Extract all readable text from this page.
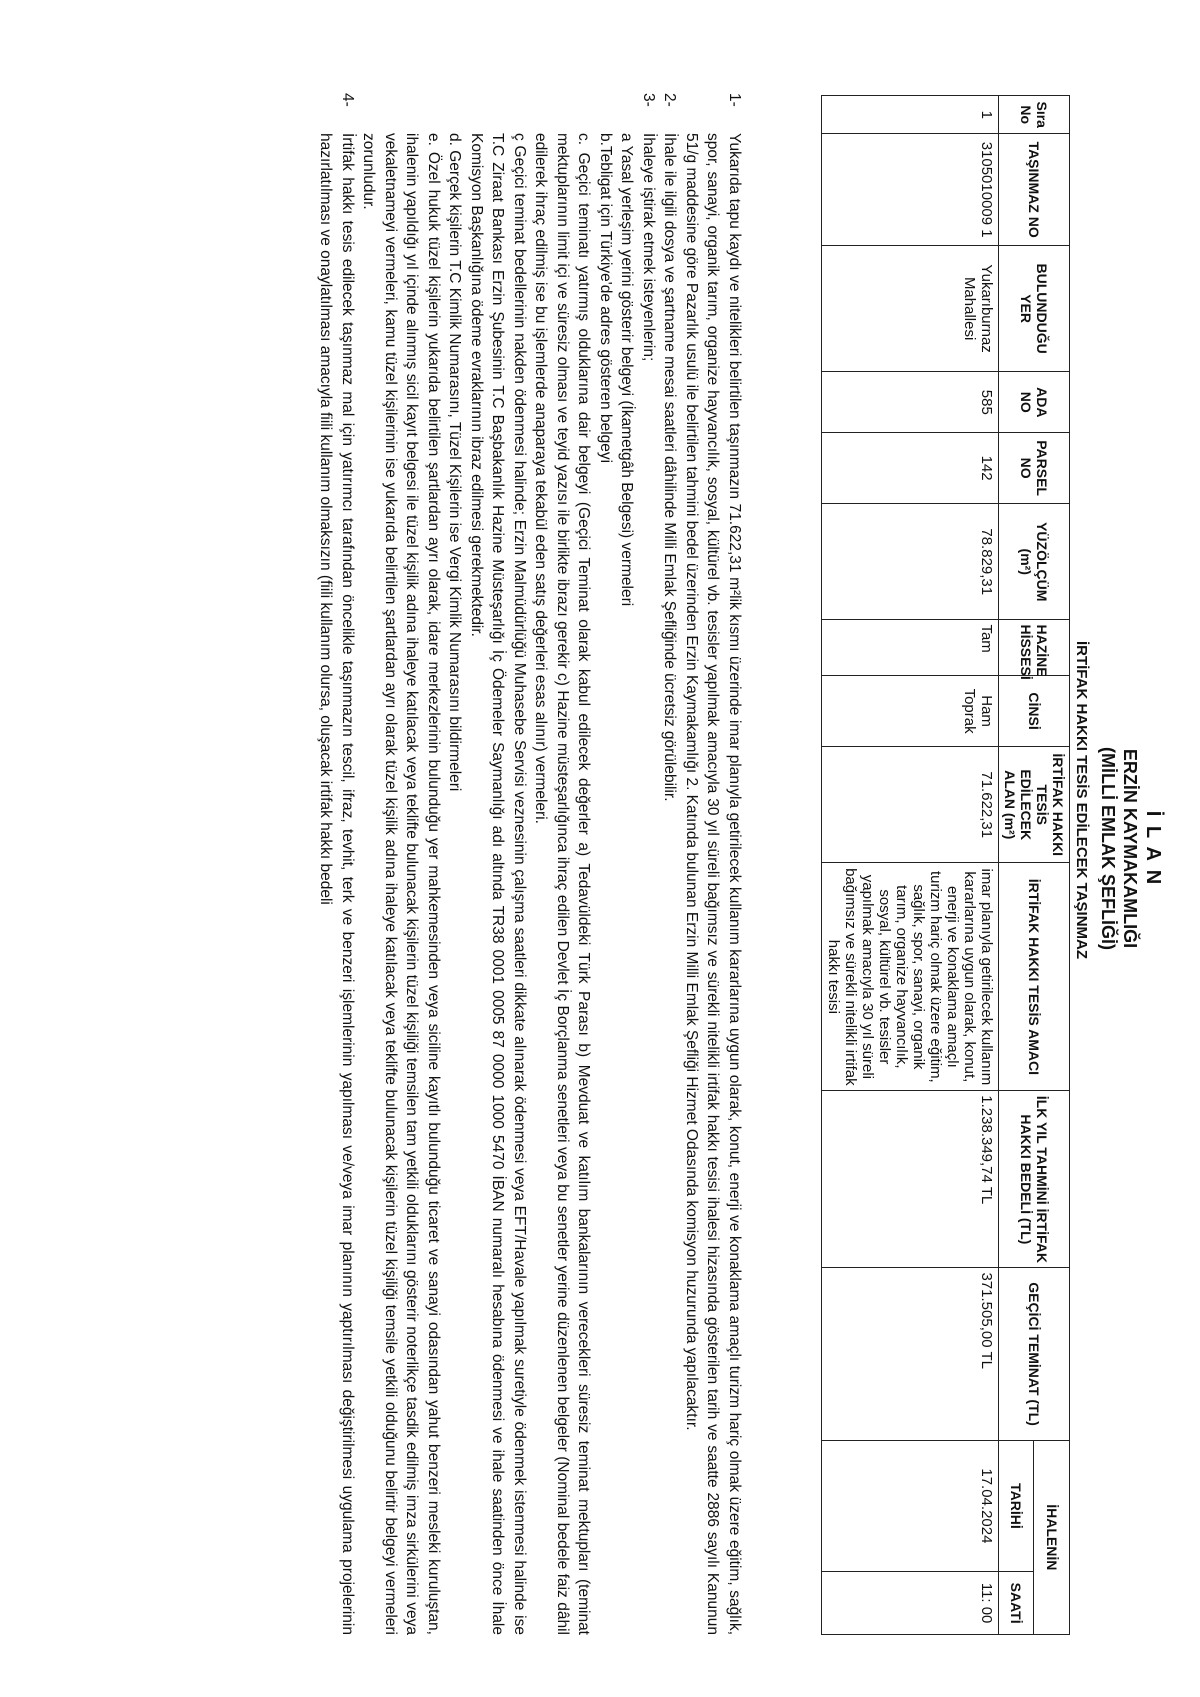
İ L A N
ERZİN KAYMAKAMLIĞI
(MİLLİ EMLAK ŞEFLİĞİ)
İRTİFAK HAKKI TESİS EDİLECEK TAŞINMAZ
Sıra No	TAŞINMAZ NO	BULUNDUĞU YER	ADA NO	PARSEL NO	YÜZÖLÇÜM (m²)	HAZİNE HİSSESİ	CİNSİ	İRTİFAK HAKKI TESİS EDİLECEK ALAN (m²)	İRTİFAK HAKKI TESİS AMACI	İLK YIL TAHMİNİ İRTİFAK HAKKI BEDELİ (TL)	GEÇİCİ TEMİNAT (TL)	İHALENİN	
												TARİHİ	SAATİ
1	3105010009 1	Yukarıburnaz Mahallesi	585	142	78.829,31	Tam	Ham Toprak	71.622,31	imar planıyla getirilecek kullanım kararlarına uygun olarak, konut, enerji ve konaklama amaçlı turizm hariç olmak üzere eğitim, sağlık, spor, sanayi, organik tarım, organize hayvancılık, sosyal, kültürel vb. tesisler yapılmak amacıyla 30 yıl süreli bağımsız ve sürekli nitelikli irtifak hakkı tesisi	1.238.349,74 TL	371.505,00 TL	17.04.2024	11: 00
1-
Yukarıda tapu kaydı ve nitelikleri belirtilen taşınmazın 71.622,31 m²lik kısmı üzerinde imar planıyla getirilecek kullanım kararlarına uygun olarak, konut, enerji ve konaklama amaçlı turizm hariç olmak üzere eğitim, sağlık, spor, sanayi, organik tarım, organize hayvancılık, sosyal, kültürel vb. tesisler yapılmak amacıyla 30 yıl süreli bağımsız ve sürekli nitelikli irtifak hakkı tesisi ihalesi hizasında gösterilen tarih ve saatte 2886 sayılı Kanunun 51/g maddesine göre Pazarlık usulü ile belirtilen tahmini bedel üzerinden Erzin Kaymakamlığı 2. Katında bulunan Erzin Milli Emlak Şefliği Hizmet Odasında komisyon huzurunda yapılacaktır.
2-
İhale ile ilgili dosya ve şartname mesai saatleri dâhilinde Milli Emlak Şefliğinde ücretsiz görülebilir.
3-
İhaleye iştirak etmek isteyenlerin;
a Yasal yerleşim yerini gösterir belgeyi (İkametgâh Belgesi) vermeleri
b.Tebligat için Türkiye'de adres gösteren belgeyi
c. Geçici teminatı yatırmış olduklarına dair belgeyi (Geçici Teminat olarak kabul edilecek değerler a) Tedavüldeki Türk Parası b) Mevduat ve katılım bankalarının verecekleri süresiz teminat mektupları (teminat mektuplarının limit içi ve süresiz olması ve teyid yazısı ile birlikte ibrazı gerekir c) Hazine müsteşarlığınca ihraç edilen Devlet İç Borçlanma senetleri veya bu senetler yerine düzenlenen belgeler (Nominal bedele faiz dâhil edilerek ihraç edilmiş ise bu işlemlerde anaparaya tekabül eden satış değerleri esas alınır) vermeleri.
ç Geçici teminat bedellerinin nakden ödenmesi halinde; Erzin Malmüdürlüğü Muhasebe Servisi veznesinin çalışma saatleri dikkate alınarak ödenmesi veya EFT/Havale yapılmak suretiyle ödenmek istenmesi halinde ise T.C Ziraat Bankası Erzin Şubesinin T.C Başbakanlık Hazine Müsteşarlığı İç Ödemeler Saymanlığı adı altında TR38 0001 0005 87 0000 1000 5470 İBAN numaralı hesabına ödenmesi ve ihale saatinden önce İhale Komisyon Başkanlığına ödeme evraklarının ibraz edilmesi gerekmektedir.
d. Gerçek kişilerin T.C Kimlik Numarasını, Tüzel Kişilerin ise Vergi Kimlik Numarasını bildirmeleri
e. Özel hukuk tüzel kişilerin yukarıda belirtilen şartlardan ayrı olarak, idare merkezlerinin bulunduğu yer mahkemesinden veya siciline kayıtlı bulunduğu ticaret ve sanayi odasından yahut benzeri mesleki kuruluştan, ihalenin yapıldığı yıl içinde alınmış sicil kayıt belgesi ile tüzel kişilik adına ihaleye katılacak veya teklifte bulunacak kişilerin tüzel kişiliği temsilen tam yetkili olduklarını gösterir noterlikçe tasdik edilmiş imza sirkülerini veya vekaletnameyi vermeleri, kamu tüzel kişilerinin ise yukarıda belirtilen şartlardan ayrı olarak tüzel kişilik adına ihaleye katılacak veya teklifte bulunacak kişilerin tüzel kişiliği temsile yetkili olduğunu belirtir belgeyi vermeleri zorunludur.
4-
İrtifak hakkı tesis edilecek taşınmaz mal için yatırımcı tarafından öncelikle taşınmazın tescil, ifraz, tevhit, terk ve benzeri işlemlerinin yapılması ve/veya imar planının yaptırılması değiştirilmesi uygulama projelerinin hazırlatılması ve onaylatılması amacıyla fiili kullanım olmaksızın (fiili kullanım olursa, oluşacak irtifak hakkı bedeli
